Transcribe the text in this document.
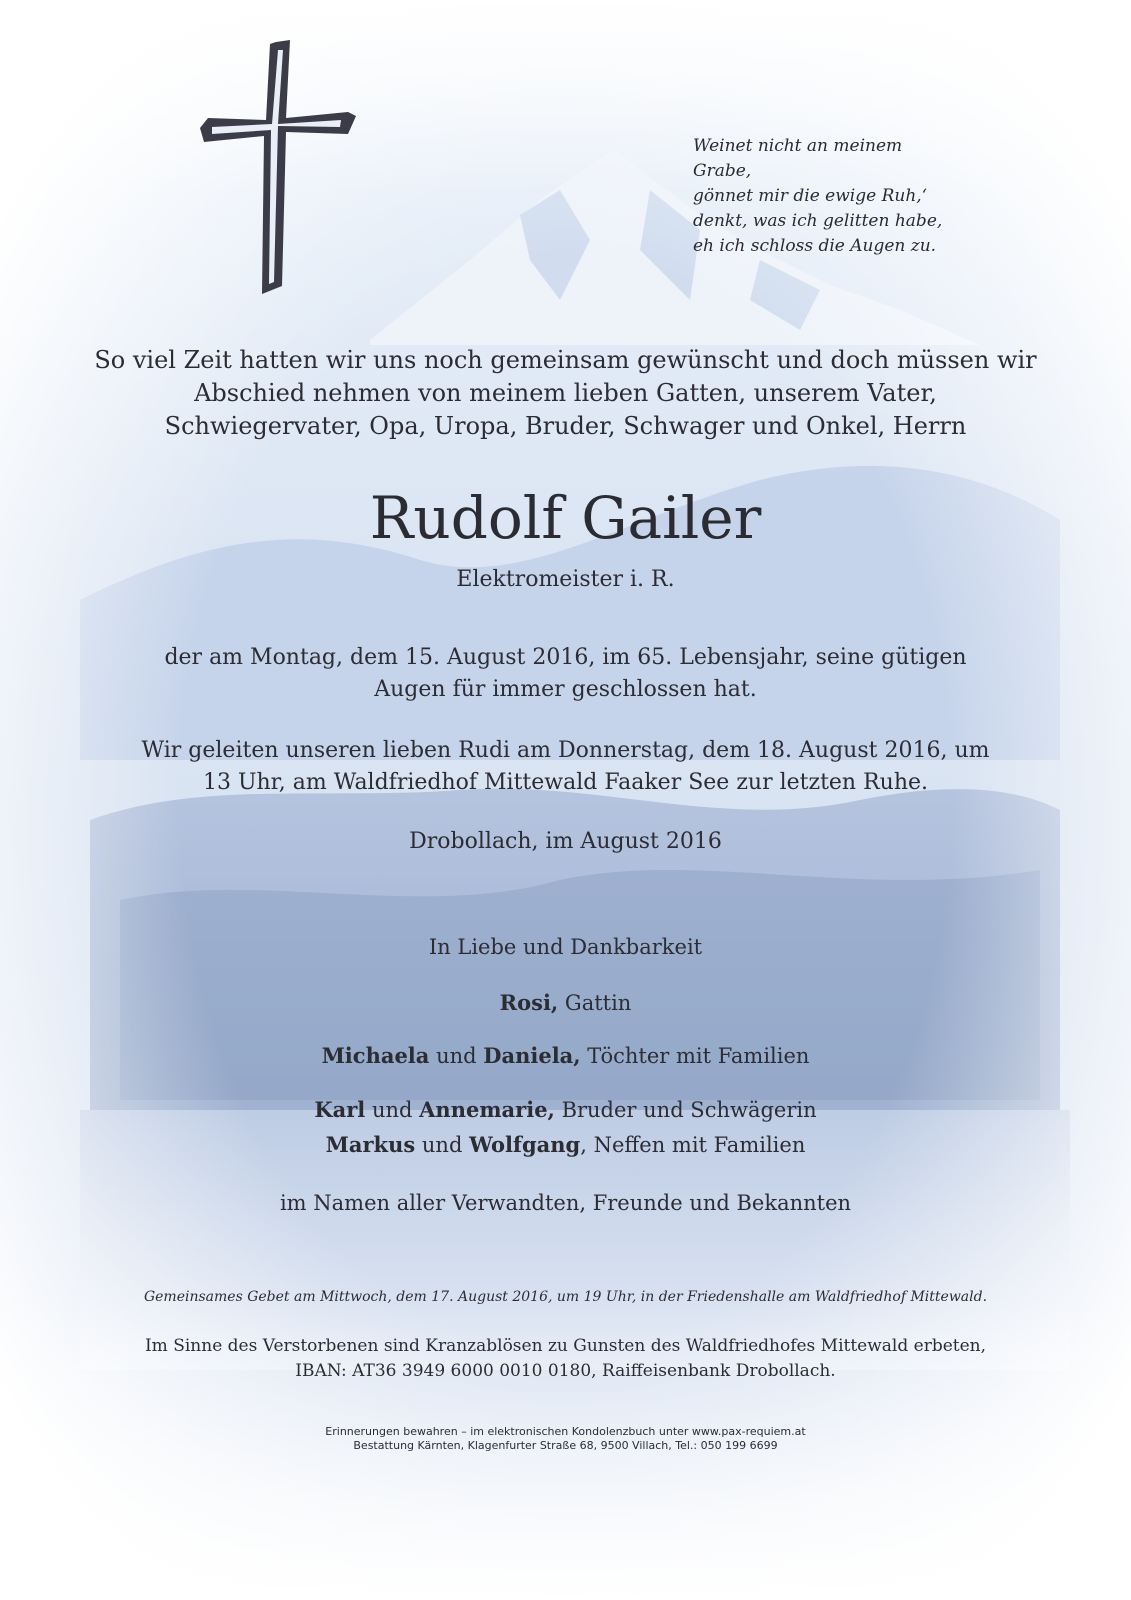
Weinet nicht an meinem Grabe,
gönnet mir die ewige Ruh,‘
denkt, was ich gelitten habe,
eh ich schloss die Augen zu.
So viel Zeit hatten wir uns noch gemeinsam gewünscht und doch müssen wir
Abschied nehmen von meinem lieben Gatten, unserem Vater,
Schwiegervater, Opa, Uropa, Bruder, Schwager und Onkel, Herrn
Rudolf Gailer
Elektromeister i. R.
der am Montag, dem 15. August 2016, im 65. Lebensjahr, seine gütigen
Augen für immer geschlossen hat.
Wir geleiten unseren lieben Rudi am Donnerstag, dem 18. August 2016, um
13 Uhr, am Waldfriedhof Mittewald Faaker See zur letzten Ruhe.
Drobollach, im August 2016
In Liebe und Dankbarkeit
Rosi, Gattin
Michaela und Daniela, Töchter mit Familien
Karl und Annemarie, Bruder und Schwägerin
Markus und Wolfgang, Neffen mit Familien
im Namen aller Verwandten, Freunde und Bekannten
Gemeinsames Gebet am Mittwoch, dem 17. August 2016, um 19 Uhr, in der Friedenshalle am Waldfriedhof Mittewald.
Im Sinne des Verstorbenen sind Kranzablösen zu Gunsten des Waldfriedhofes Mittewald erbeten,
IBAN: AT36 3949 6000 0010 0180, Raiffeisenbank Drobollach.
Erinnerungen bewahren – im elektronischen Kondolenzbuch unter www.pax-requiem.at
Bestattung Kärnten, Klagenfurter Straße 68, 9500 Villach, Tel.: 050 199 6699
